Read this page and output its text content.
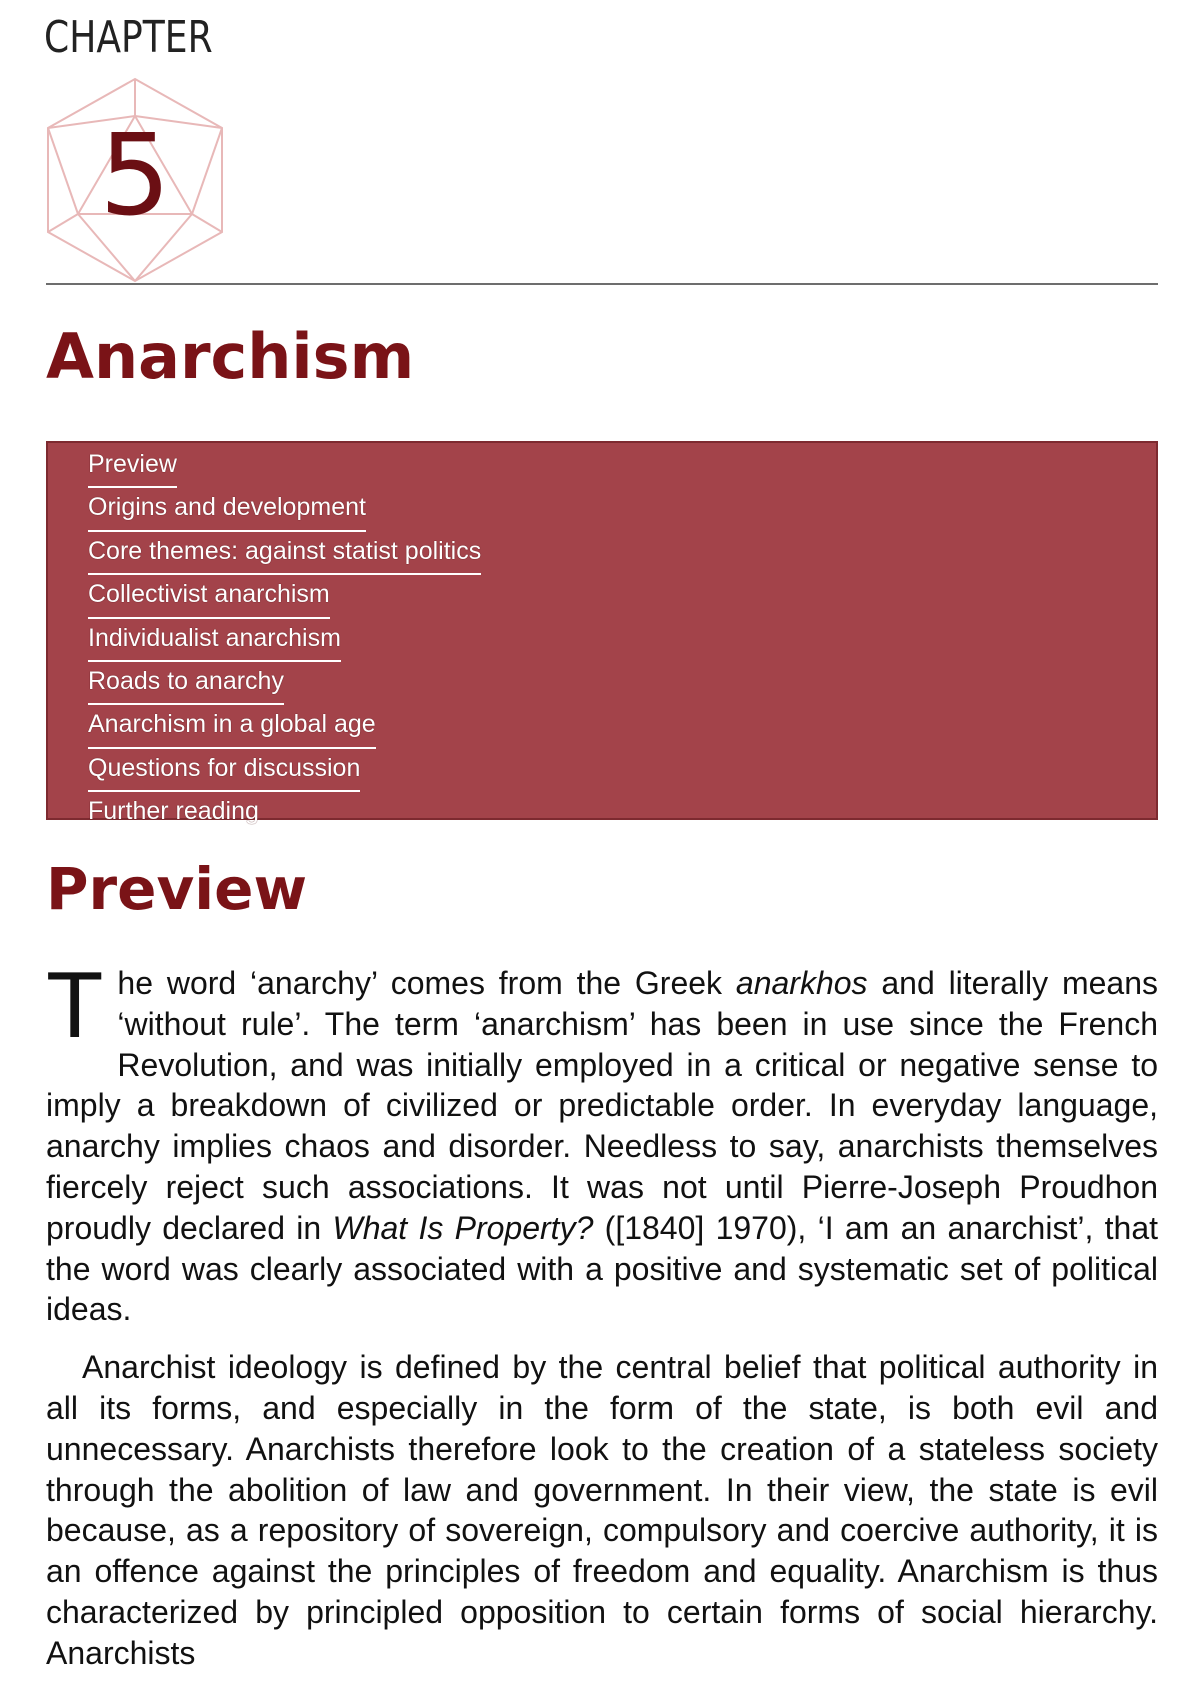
CHAPTER
5
Anarchism
Preview
Origins and development
Core themes: against statist politics
Collectivist anarchism
Individualist anarchism
Roads to anarchy
Anarchism in a global age
Questions for discussion
Further reading
Preview

The word ‘anarchy’ comes from the Greek anarkhos and literally means ‘without rule’. The term ‘anarchism’ has been in use since the French Revolution, and was initially employed in a critical or negative sense to imply a breakdown of civilized or predictable order. In everyday language, anarchy implies chaos and disorder. Needless to say, anarchists themselves fiercely reject such associations. It was not until Pierre-Joseph Proudhon proudly declared in What Is Property? ([1840] 1970), ‘I am an anarchist’, that the word was clearly associated with a positive and systematic set of political ideas.

Anarchist ideology is defined by the central belief that political authority in all its forms, and especially in the form of the state, is both evil and unnecessary. Anarchists therefore look to the creation of a stateless society through the abolition of law and government. In their view, the state is evil because, as a repository of sovereign, compulsory and coercive authority, it is an offence against the principles of freedom and equality. Anarchism is thus characterized by principled opposition to certain forms of social hierarchy. Anarchists
